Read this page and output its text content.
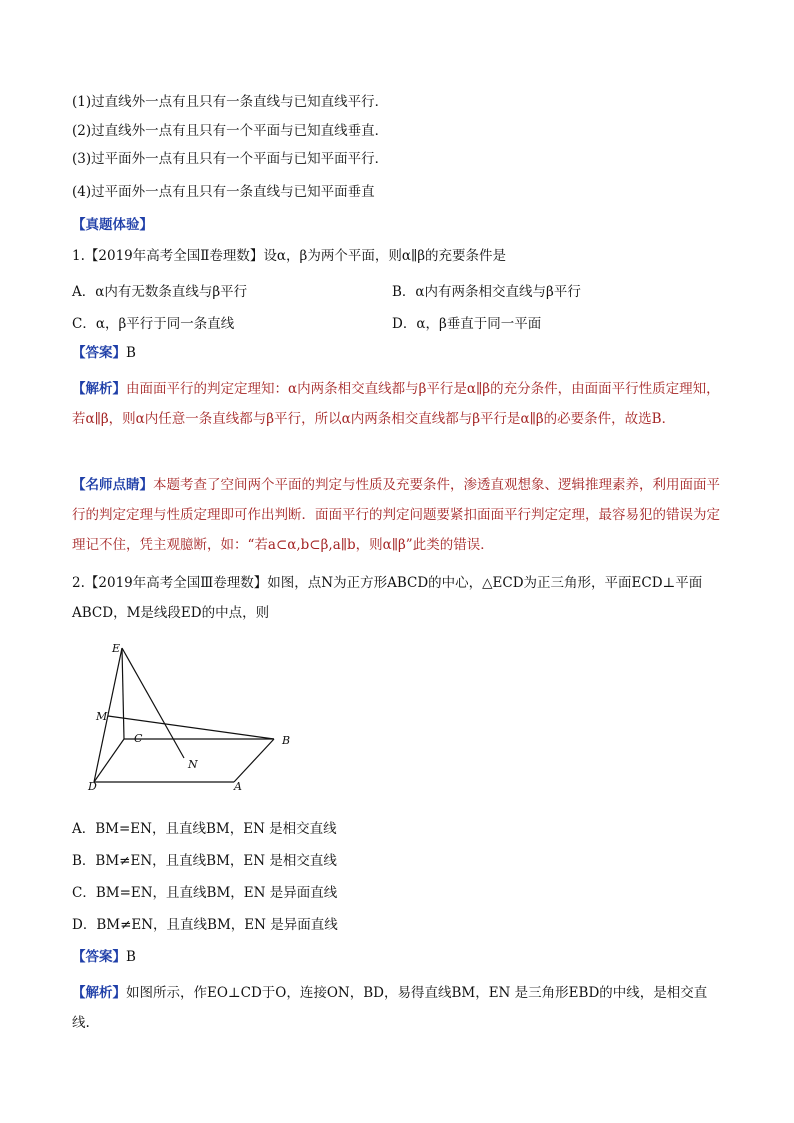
(1)过直线外一点有且只有一条直线与已知直线平行．
(2)过直线外一点有且只有一个平面与已知直线垂直．
(3)过平面外一点有且只有一个平面与已知平面平行．
(4)过平面外一点有且只有一条直线与已知平面垂直
【真题体验】
1.【2019年高考全国Ⅱ卷理数】设α，β为两个平面，则α∥β的充要条件是
A．α内有无数条直线与β平行	B．α内有两条相交直线与β平行
C．α，β平行于同一条直线	D．α，β垂直于同一平面
【答案】B
【解析】由面面平行的判定定理知：α内两条相交直线都与β平行是α∥β的充分条件，由面面平行性质定理知，若α∥β，则α内任意一条直线都与β平行，所以α内两条相交直线都与β平行是α∥β的必要条件，故选B．
【名师点睛】本题考查了空间两个平面的判定与性质及充要条件，渗透直观想象、逻辑推理素养，利用面面平行的判定定理与性质定理即可作出判断．面面平行的判定问题要紧扣面面平行判定定理，最容易犯的错误为定理记不住，凭主观臆断，如：“若a⊂α,b⊂β,a∥b，则α∥β”此类的错误．
2.【2019年高考全国Ⅲ卷理数】如图，点N为正方形ABCD的中心，△ECD为正三角形，平面ECD⊥平面ABCD，M是线段ED的中点，则
E
M
C	B
N
D	A
A．BM=EN，且直线BM，EN 是相交直线
B．BM≠EN，且直线BM，EN 是相交直线
C．BM=EN，且直线BM，EN 是异面直线
D．BM≠EN，且直线BM，EN 是异面直线
【答案】B
【解析】如图所示，作EO⊥CD于O，连接ON，BD，易得直线BM，EN 是三角形EBD的中线，是相交直线.
